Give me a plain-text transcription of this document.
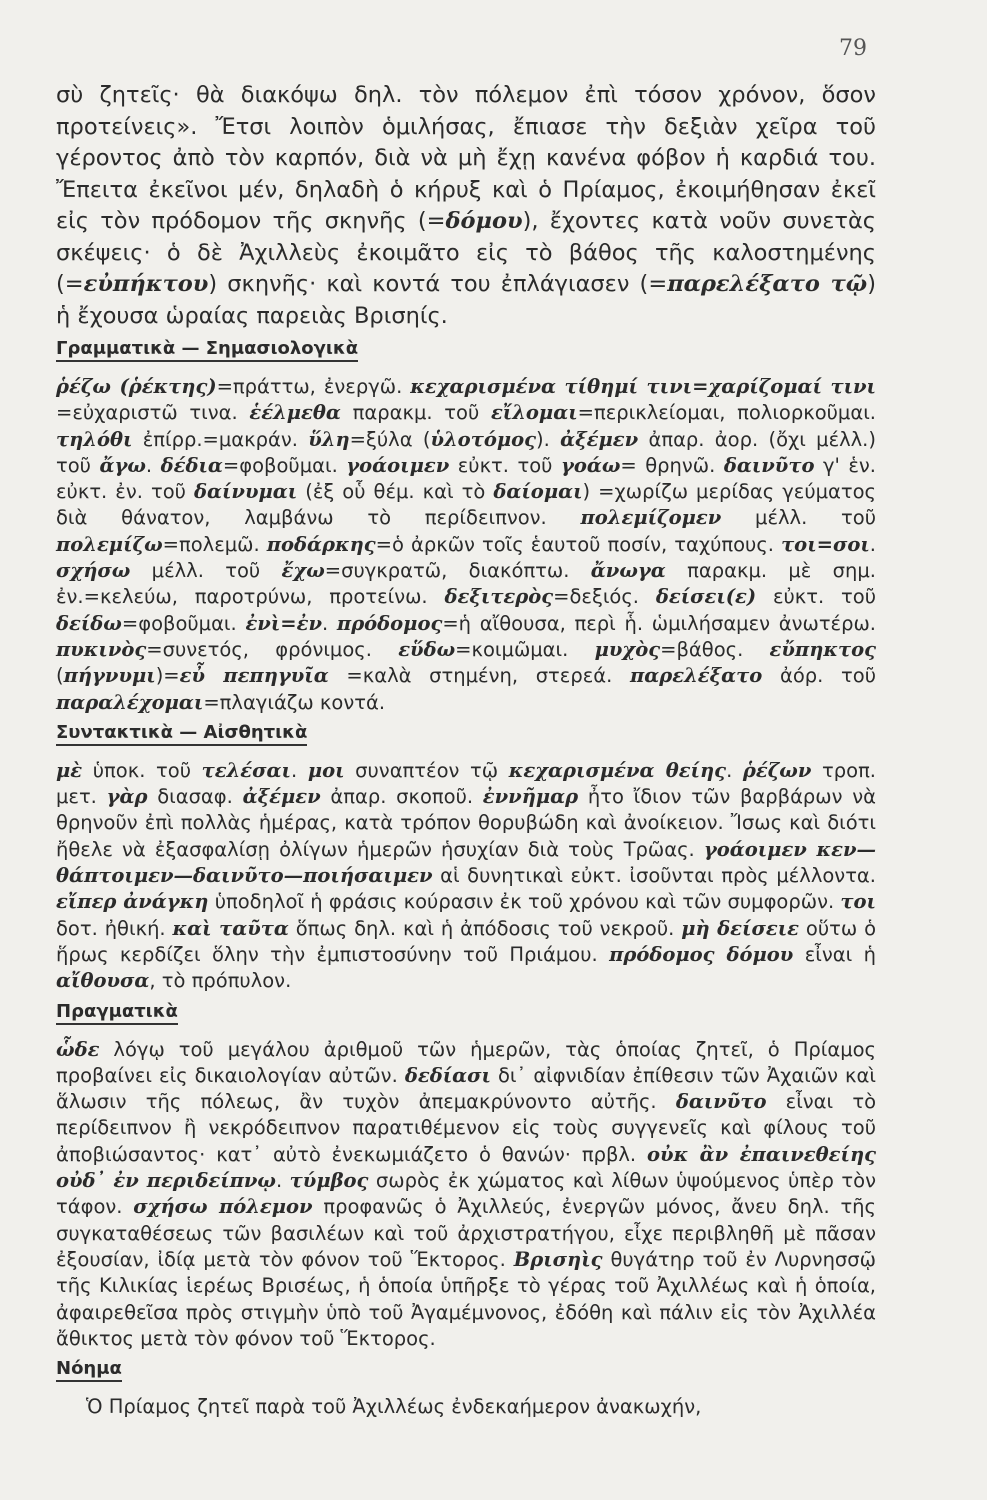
79

σὺ ζητεῖς· θὰ διακόψω δηλ. τὸν πόλεμον ἐπὶ τόσον χρόνον, ὅσον προτείνεις». Ἔτσι λοιπὸν ὁμιλήσας, ἔπιασε τὴν δεξιὰν χεῖρα τοῦ γέροντος ἀπὸ τὸν καρπόν, διὰ νὰ μὴ ἔχῃ κανένα φόβον ἡ καρδιά του. Ἔπειτα ἐκεῖνοι μέν, δηλαδὴ ὁ κήρυξ καὶ ὁ Πρίαμος, ἐκοιμήθησαν ἐκεῖ εἰς τὸν πρόδομον τῆς σκηνῆς (=δόμου), ἔχοντες κατὰ νοῦν συνετὰς σκέψεις· ὁ δὲ Ἀχιλλεὺς ἐκοιμᾶτο εἰς τὸ βάθος τῆς καλοστημένης (=εὐπήκτου) σκηνῆς· καὶ κοντά του ἐπλάγιασεν (=παρελέξατο τῷ) ἡ ἔχουσα ὡραίας παρειὰς Βρισηίς.

Γραμματικὰ — Σημασιολογικὰ

ῥέζω (ῥέκτης)=πράττω, ἐνεργῶ. κεχαρισμένα τίθημί τινι=χαρίζομαί τινι =εὐχαριστῶ τινα. ἑέλμεθα παρακμ. τοῦ εἴλομαι=περικλείομαι, πολιορκοῦμαι. τηλόθι ἐπίρρ.=μακράν. ὕλη=ξύλα (ὑλοτόμος). ἀξέμεν ἀπαρ. ἀορ. (ὄχι μέλλ.) τοῦ ἄγω. δέδια=φοβοῦμαι. γοάοιμεν εὐκτ. τοῦ γοάω= θρηνῶ. δαινῦτο γ' ἑν. εὐκτ. ἐν. τοῦ δαίνυμαι (ἐξ οὗ θέμ. καὶ τὸ δαίομαι) =χωρίζω μερίδας γεύματος διὰ θάνατον, λαμβάνω τὸ περίδειπνον. πολεμίζομεν μέλλ. τοῦ πολεμίζω=πολεμῶ. ποδάρκης=ὁ ἀρκῶν τοῖς ἑαυτοῦ ποσίν, ταχύπους. τοι=σοι. σχήσω μέλλ. τοῦ ἔχω=συγκρατῶ, διακόπτω. ἄνωγα παρακμ. μὲ σημ. ἐν.=κελεύω, παροτρύνω, προτείνω. δεξιτερὸς=δεξιός. δείσει(ε) εὐκτ. τοῦ δείδω=φοβοῦμαι. ἐνὶ=ἐν. πρόδομος=ἡ αἴθουσα, περὶ ἧ. ὡμιλήσαμεν ἀνωτέρω. πυκινὸς=συνετός, φρόνιμος. εὕδω=κοιμῶμαι. μυχὸς=βάθος. εὔπηκτος (πήγνυμι)=εὖ πεπηγυῖα =καλὰ στημένη, στερεά. παρελέξατο ἀόρ. τοῦ παραλέχομαι=πλαγιάζω κοντά.

Συντακτικὰ — Αἰσθητικὰ

μὲ ὑποκ. τοῦ τελέσαι. μοι συναπτέον τῷ κεχαρισμένα θείης. ῥέζων τροπ. μετ. γὰρ διασαφ. ἀξέμεν ἀπαρ. σκοποῦ. ἐννῆμαρ ἦτο ἴδιον τῶν βαρβάρων νὰ θρηνοῦν ἐπὶ πολλὰς ἡμέρας, κατὰ τρόπον θορυβώδη καὶ ἀνοίκειον. Ἴσως καὶ διότι ἤθελε νὰ ἐξασφαλίσῃ ὀλίγων ἡμερῶν ἡσυχίαν διὰ τοὺς Τρῶας. γοάοιμεν κεν—θάπτοιμεν—δαινῦτο—ποιήσαιμεν αἱ δυνητικαὶ εὐκτ. ἰσοῦνται πρὸς μέλλοντα. εἴπερ ἀνάγκη ὑποδηλοῖ ἡ φράσις κούρασιν ἐκ τοῦ χρόνου καὶ τῶν συμφορῶν. τοι δοτ. ἠθική. καὶ ταῦτα ὅπως δηλ. καὶ ἡ ἀπόδοσις τοῦ νεκροῦ. μὴ δείσειε οὕτω ὁ ἥρως κερδίζει ὅλην τὴν ἐμπιστοσύνην τοῦ Πριάμου. πρόδομος δόμου εἶναι ἡ αἴθουσα, τὸ πρόπυλον.

Πραγματικὰ

ὧδε λόγῳ τοῦ μεγάλου ἀριθμοῦ τῶν ἡμερῶν, τὰς ὁποίας ζητεῖ, ὁ Πρίαμος προβαίνει εἰς δικαιολογίαν αὐτῶν. δεδίασι δι᾽ αἰφνιδίαν ἐπίθεσιν τῶν Ἀχαιῶν καὶ ἅλωσιν τῆς πόλεως, ἂν τυχὸν ἀπεμακρύνοντο αὐτῆς. δαινῦτο εἶναι τὸ περίδειπνον ἢ νεκρόδειπνον παρατιθέμενον εἰς τοὺς συγγενεῖς καὶ φίλους τοῦ ἀποβιώσαντος· κατ᾽ αὐτὸ ἐνεκωμιάζετο ὁ θανών· πρβλ. οὐκ ἂν ἐπαινεθείης οὐδ᾽ ἐν περιδείπνῳ. τύμβος σωρὸς ἐκ χώματος καὶ λίθων ὑψούμενος ὑπὲρ τὸν τάφον. σχήσω πόλεμον προφανῶς ὁ Ἀχιλλεύς, ἐνεργῶν μόνος, ἄνευ δηλ. τῆς συγκαταθέσεως τῶν βασιλέων καὶ τοῦ ἀρχιστρατήγου, εἶχε περιβληθῆ μὲ πᾶσαν ἐξουσίαν, ἰδίᾳ μετὰ τὸν φόνον τοῦ Ἕκτορος. Βρισηὶς θυγάτηρ τοῦ ἐν Λυρνησσῷ τῆς Κιλικίας ἱερέως Βρισέως, ἡ ὁποία ὑπῆρξε τὸ γέρας τοῦ Ἀχιλλέως καὶ ἡ ὁποία, ἀφαιρεθεῖσα πρὸς στιγμὴν ὑπὸ τοῦ Ἀγαμέμνονος, ἐδόθη καὶ πάλιν εἰς τὸν Ἀχιλλέα ἄθικτος μετὰ τὸν φόνον τοῦ Ἕκτορος.

Νόημα

Ὁ Πρίαμος ζητεῖ παρὰ τοῦ Ἀχιλλέως ἐνδεκαήμερον ἀνακωχήν,
